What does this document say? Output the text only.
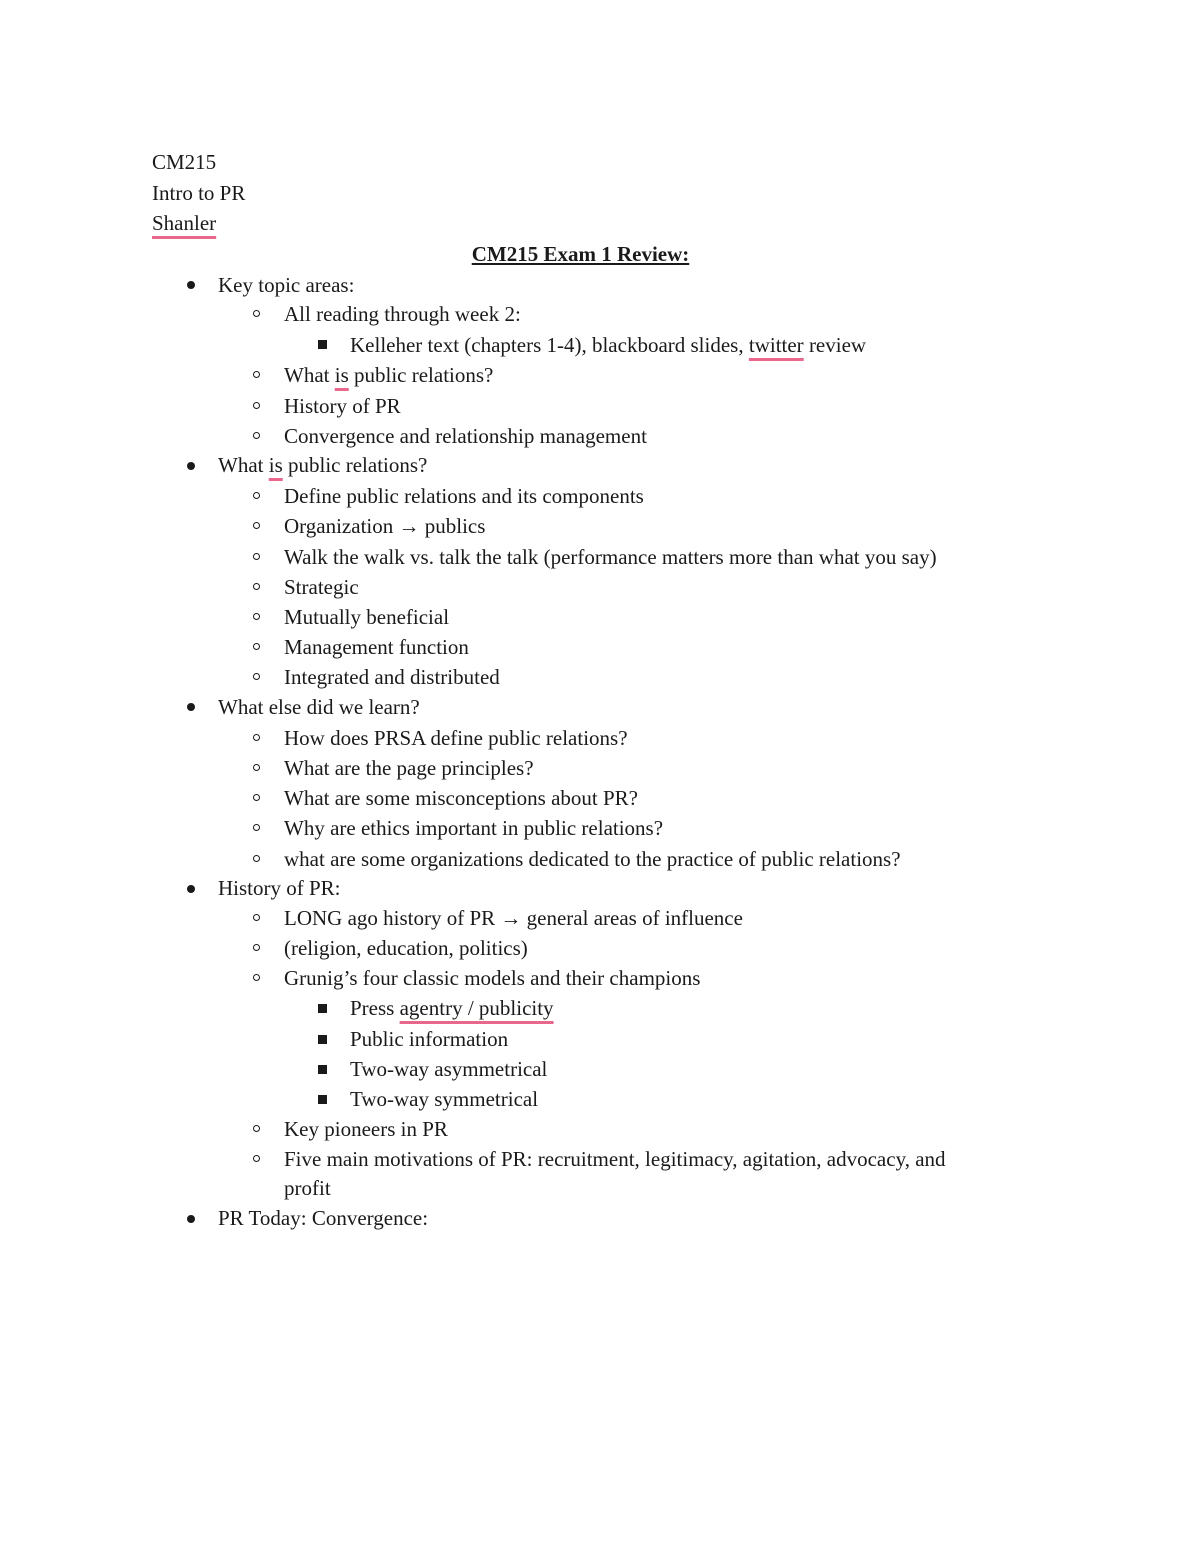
CM215
Intro to PR
Shanler
CM215 Exam 1 Review:
Key topic areas:
All reading through week 2:
Kelleher text (chapters 1-4), blackboard slides, twitter review
What is public relations?
History of PR
Convergence and relationship management
What is public relations?
Define public relations and its components
Organization → publics
Walk the walk vs. talk the talk (performance matters more than what you say)
Strategic
Mutually beneficial
Management function
Integrated and distributed
What else did we learn?
How does PRSA define public relations?
What are the page principles?
What are some misconceptions about PR?
Why are ethics important in public relations?
what are some organizations dedicated to the practice of public relations?
History of PR:
LONG ago history of PR → general areas of influence
(religion, education, politics)
Grunig’s four classic models and their champions
Press agentry / publicity
Public information
Two-way asymmetrical
Two-way symmetrical
Key pioneers in PR
Five main motivations of PR: recruitment, legitimacy, agitation, advocacy, and
profit
PR Today: Convergence:
